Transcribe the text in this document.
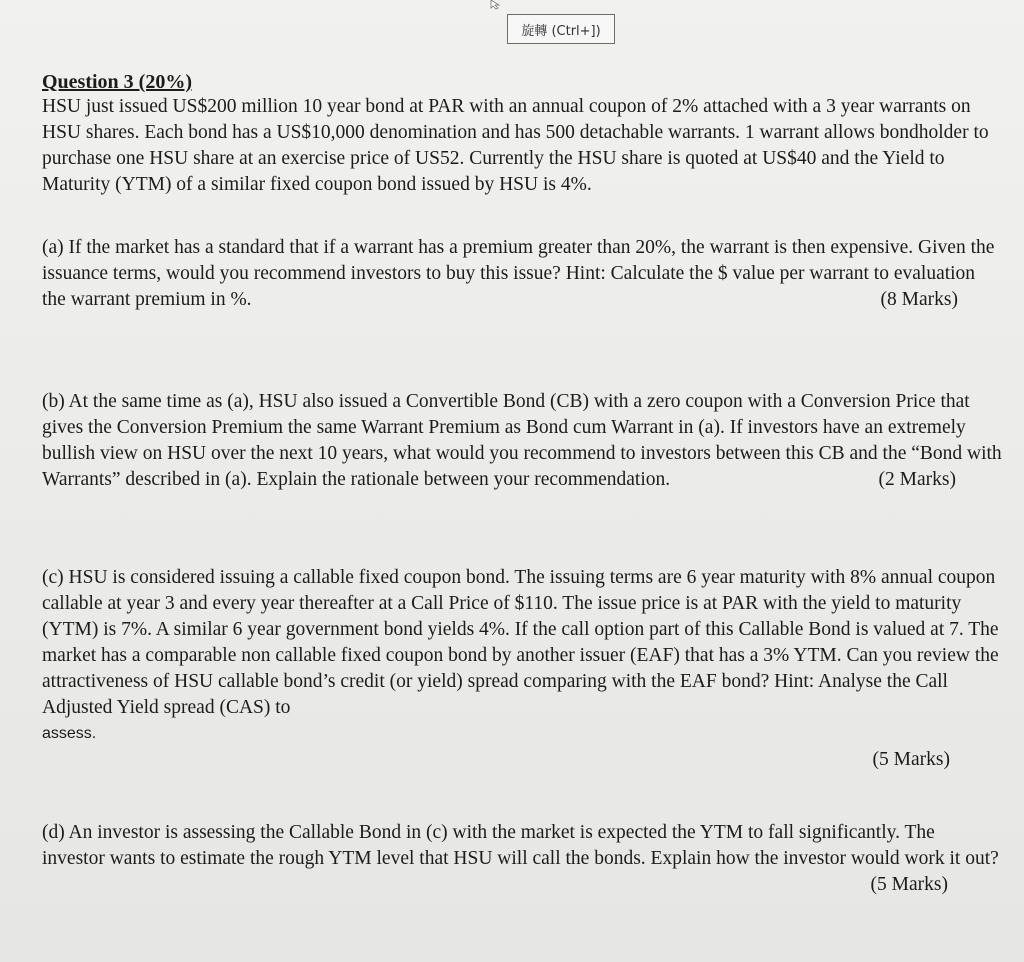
旋轉 (Ctrl+])

Question 3 (20%)

HSU just issued US$200 million 10 year bond at PAR with an annual coupon of 2% attached with a 3 year warrants on HSU shares. Each bond has a US$10,000 denomination and has 500 detachable warrants. 1 warrant allows bondholder to purchase one HSU share at an exercise price of US52. Currently the HSU share is quoted at US$40 and the Yield to Maturity (YTM) of a similar fixed coupon bond issued by HSU is 4%.

(a) If the market has a standard that if a warrant has a premium greater than 20%, the warrant is then expensive. Given the issuance terms, would you recommend investors to buy this issue? Hint: Calculate the $ value per warrant to evaluation the warrant premium in %.	(8 Marks)

(b) At the same time as (a), HSU also issued a Convertible Bond (CB) with a zero coupon with a Conversion Price that gives the Conversion Premium the same Warrant Premium as Bond cum Warrant in (a). If investors have an extremely bullish view on HSU over the next 10 years, what would you recommend to investors between this CB and the “Bond with Warrants” described in (a). Explain the rationale between your recommendation.	(2 Marks)

(c) HSU is considered issuing a callable fixed coupon bond. The issuing terms are 6 year maturity with 8% annual coupon callable at year 3 and every year thereafter at a Call Price of $110. The issue price is at PAR with the yield to maturity (YTM) is 7%. A similar 6 year government bond yields 4%. If the call option part of this Callable Bond is valued at 7. The market has a comparable non callable fixed coupon bond by another issuer (EAF) that has a 3% YTM. Can you review the attractiveness of HSU callable bond’s credit (or yield) spread comparing with the EAF bond? Hint: Analyse the Call Adjusted Yield spread (CAS) to

assess.

(5 Marks)

(d) An investor is assessing the Callable Bond in (c) with the market is expected the YTM to fall significantly. The investor wants to estimate the rough YTM level that HSU will call the bonds. Explain how the investor would work it out?

(5 Marks)
